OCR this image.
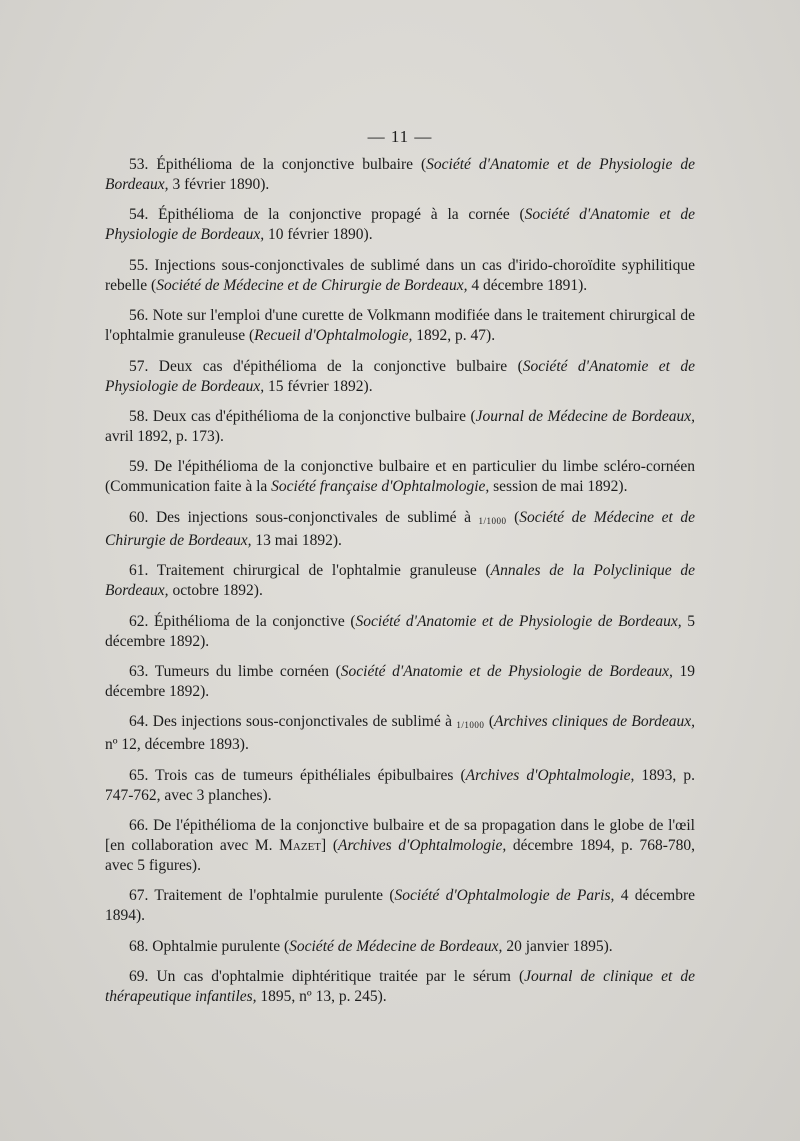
— 11 —

53. Épithélioma de la conjonctive bulbaire (Société d'Anatomie et de Physiologie de Bordeaux, 3 février 1890).

54. Épithélioma de la conjonctive propagé à la cornée (Société d'Anatomie et de Physiologie de Bordeaux, 10 février 1890).

55. Injections sous-conjonctivales de sublimé dans un cas d'irido-choroïdite syphilitique rebelle (Société de Médecine et de Chirurgie de Bordeaux, 4 décembre 1891).

56. Note sur l'emploi d'une curette de Volkmann modifiée dans le traitement chirurgical de l'ophtalmie granuleuse (Recueil d'Ophtalmologie, 1892, p. 47).

57. Deux cas d'épithélioma de la conjonctive bulbaire (Société d'Anatomie et de Physiologie de Bordeaux, 15 février 1892).

58. Deux cas d'épithélioma de la conjonctive bulbaire (Journal de Médecine de Bordeaux, avril 1892, p. 173).

59. De l'épithélioma de la conjonctive bulbaire et en particulier du limbe scléro-cornéen (Communication faite à la Société française d'Ophtalmologie, session de mai 1892).

60. Des injections sous-conjonctivales de sublimé à 1/1000 (Société de Médecine et de Chirurgie de Bordeaux, 13 mai 1892).

61. Traitement chirurgical de l'ophtalmie granuleuse (Annales de la Polyclinique de Bordeaux, octobre 1892).

62. Épithélioma de la conjonctive (Société d'Anatomie et de Physiologie de Bordeaux, 5 décembre 1892).

63. Tumeurs du limbe cornéen (Société d'Anatomie et de Physiologie de Bordeaux, 19 décembre 1892).

64. Des injections sous-conjonctivales de sublimé à 1/1000 (Archives cliniques de Bordeaux, nº 12, décembre 1893).

65. Trois cas de tumeurs épithéliales épibulbaires (Archives d'Ophtalmologie, 1893, p. 747-762, avec 3 planches).

66. De l'épithélioma de la conjonctive bulbaire et de sa propagation dans le globe de l'œil [en collaboration avec M. Mazet] (Archives d'Ophtalmologie, décembre 1894, p. 768-780, avec 5 figures).

67. Traitement de l'ophtalmie purulente (Société d'Ophtalmologie de Paris, 4 décembre 1894).

68. Ophtalmie purulente (Société de Médecine de Bordeaux, 20 janvier 1895).

69. Un cas d'ophtalmie diphtéritique traitée par le sérum (Journal de clinique et de thérapeutique infantiles, 1895, nº 13, p. 245).
